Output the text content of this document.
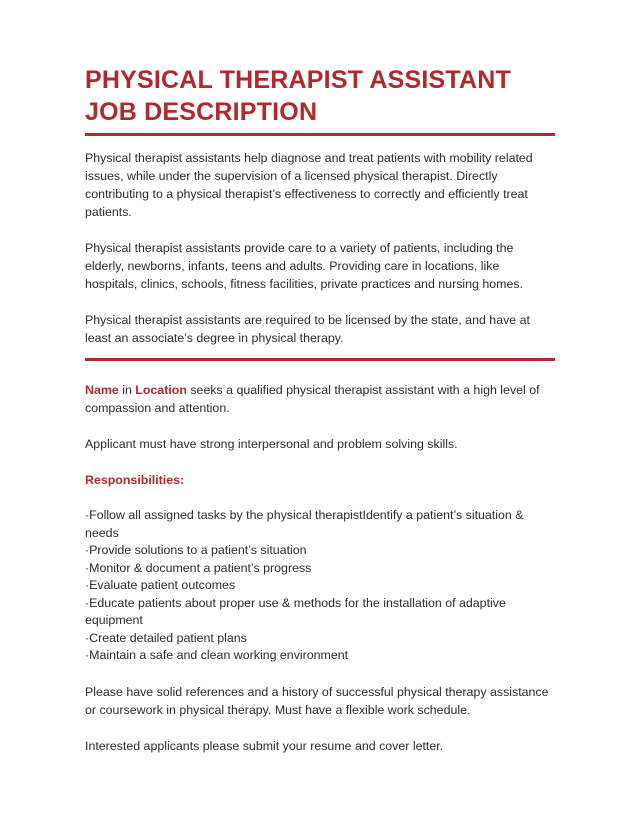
PHYSICAL THERAPIST ASSISTANT
JOB DESCRIPTION

Physical therapist assistants help diagnose and treat patients with mobility related issues, while under the supervision of a licensed physical therapist. Directly contributing to a physical therapist’s effectiveness to correctly and efficiently treat patients.

Physical therapist assistants provide care to a variety of patients, including the elderly, newborns, infants, teens and adults. Providing care in locations, like hospitals, clinics, schools, fitness facilities, private practices and nursing homes.

Physical therapist assistants are required to be licensed by the state, and have at least an associate’s degree in physical therapy.

Name in Location seeks a qualified physical therapist assistant with a high level of compassion and attention.

Applicant must have strong interpersonal and problem solving skills.

Responsibilities:

·Follow all assigned tasks by the physical therapistIdentify a patient’s situation & needs
·Provide solutions to a patient’s situation
·Monitor & document a patient’s progress
·Evaluate patient outcomes
·Educate patients about proper use & methods for the installation of adaptive equipment
·Create detailed patient plans
·Maintain a safe and clean working environment

Please have solid references and a history of successful physical therapy assistance or coursework in physical therapy. Must have a flexible work schedule.

Interested applicants please submit your resume and cover letter.
